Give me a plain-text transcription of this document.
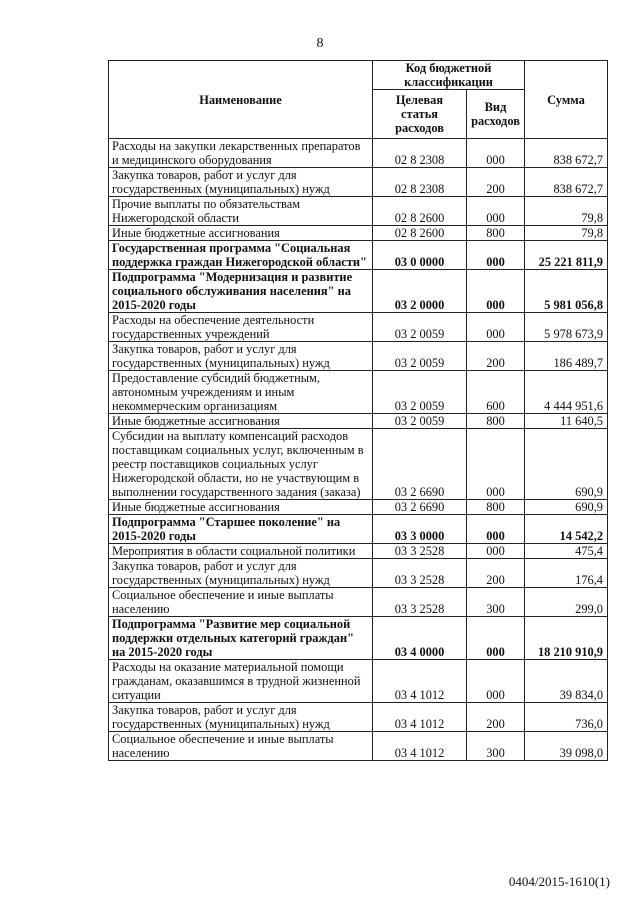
8
Наименование	Код бюджетной классификации		Сумма
	Целевая статья расходов	Вид расходов	
Расходы на закупки лекарственных препаратов и медицинского оборудования	02 8 2308	000	838 672,7
Закупка товаров, работ и услуг для государственных (муниципальных) нужд	02 8 2308	200	838 672,7
Прочие выплаты по обязательствам Нижегородской области	02 8 2600	000	79,8
Иные бюджетные ассигнования	02 8 2600	800	79,8
Государственная программа "Социальная поддержка граждан Нижегородской области"	03 0 0000	000	25 221 811,9
Подпрограмма "Модернизация и развитие социального обслуживания населения" на 2015-2020 годы	03 2 0000	000	5 981 056,8
Расходы на обеспечение деятельности государственных учреждений	03 2 0059	000	5 978 673,9
Закупка товаров, работ и услуг для государственных (муниципальных) нужд	03 2 0059	200	186 489,7
Предоставление субсидий бюджетным, автономным учреждениям и иным некоммерческим организациям	03 2 0059	600	4 444 951,6
Иные бюджетные ассигнования	03 2 0059	800	11 640,5
Субсидии на выплату компенсаций расходов поставщикам социальных услуг, включенным в реестр поставщиков социальных услуг Нижегородской области, но не участвующим в выполнении государственного задания (заказа)	03 2 6690	000	690,9
Иные бюджетные ассигнования	03 2 6690	800	690,9
Подпрограмма "Старшее поколение" на 2015-2020 годы	03 3 0000	000	14 542,2
Мероприятия в области социальной политики	03 3 2528	000	475,4
Закупка товаров, работ и услуг для государственных (муниципальных) нужд	03 3 2528	200	176,4
Социальное обеспечение и иные выплаты населению	03 3 2528	300	299,0
Подпрограмма "Развитие мер социальной поддержки отдельных категорий граждан" на 2015-2020 годы	03 4 0000	000	18 210 910,9
Расходы на оказание материальной помощи гражданам, оказавшимся в трудной жизненной ситуации	03 4 1012	000	39 834,0
Закупка товаров, работ и услуг для государственных (муниципальных) нужд	03 4 1012	200	736,0
Социальное обеспечение и иные выплаты населению	03 4 1012	300	39 098,0
0404/2015-1610(1)
